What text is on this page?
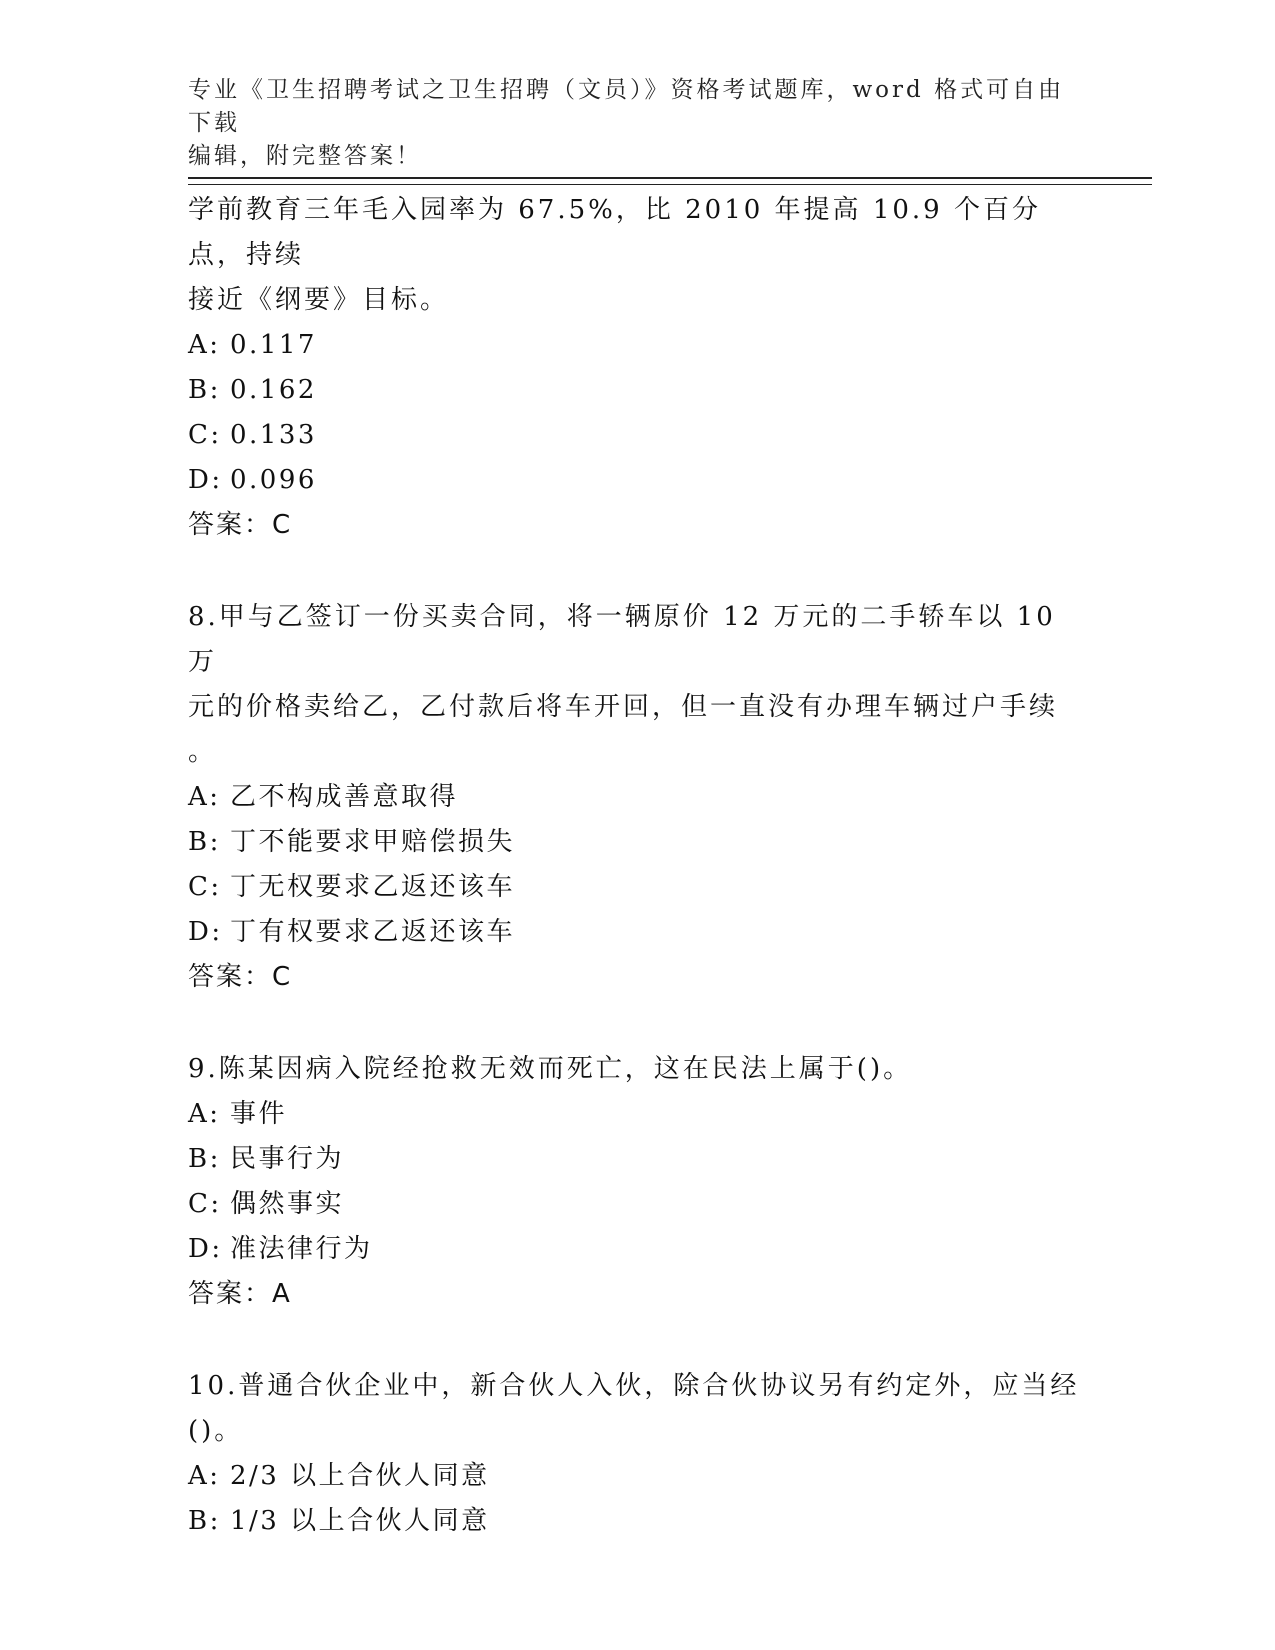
专业《卫生招聘考试之卫生招聘（文员）》资格考试题库，word 格式可自由下载
编辑，附完整答案！

学前教育三年毛入园率为 67.5%，比 2010 年提高 10.9 个百分点，持续

接近《纲要》目标。

A: 0.117

B: 0.162

C: 0.133

D: 0.096

答案：C

8.甲与乙签订一份买卖合同，将一辆原价 12 万元的二手轿车以 10 万

元的价格卖给乙，乙付款后将车开回，但一直没有办理车辆过户手续

。

A: 乙不构成善意取得

B: 丁不能要求甲赔偿损失

C: 丁无权要求乙返还该车

D: 丁有权要求乙返还该车

答案：C

9.陈某因病入院经抢救无效而死亡，这在民法上属于()。

A: 事件

B: 民事行为

C: 偶然事实

D: 准法律行为

答案：A

10.普通合伙企业中，新合伙人入伙，除合伙协议另有约定外，应当经

()。

A: 2/3 以上合伙人同意

B: 1/3 以上合伙人同意
